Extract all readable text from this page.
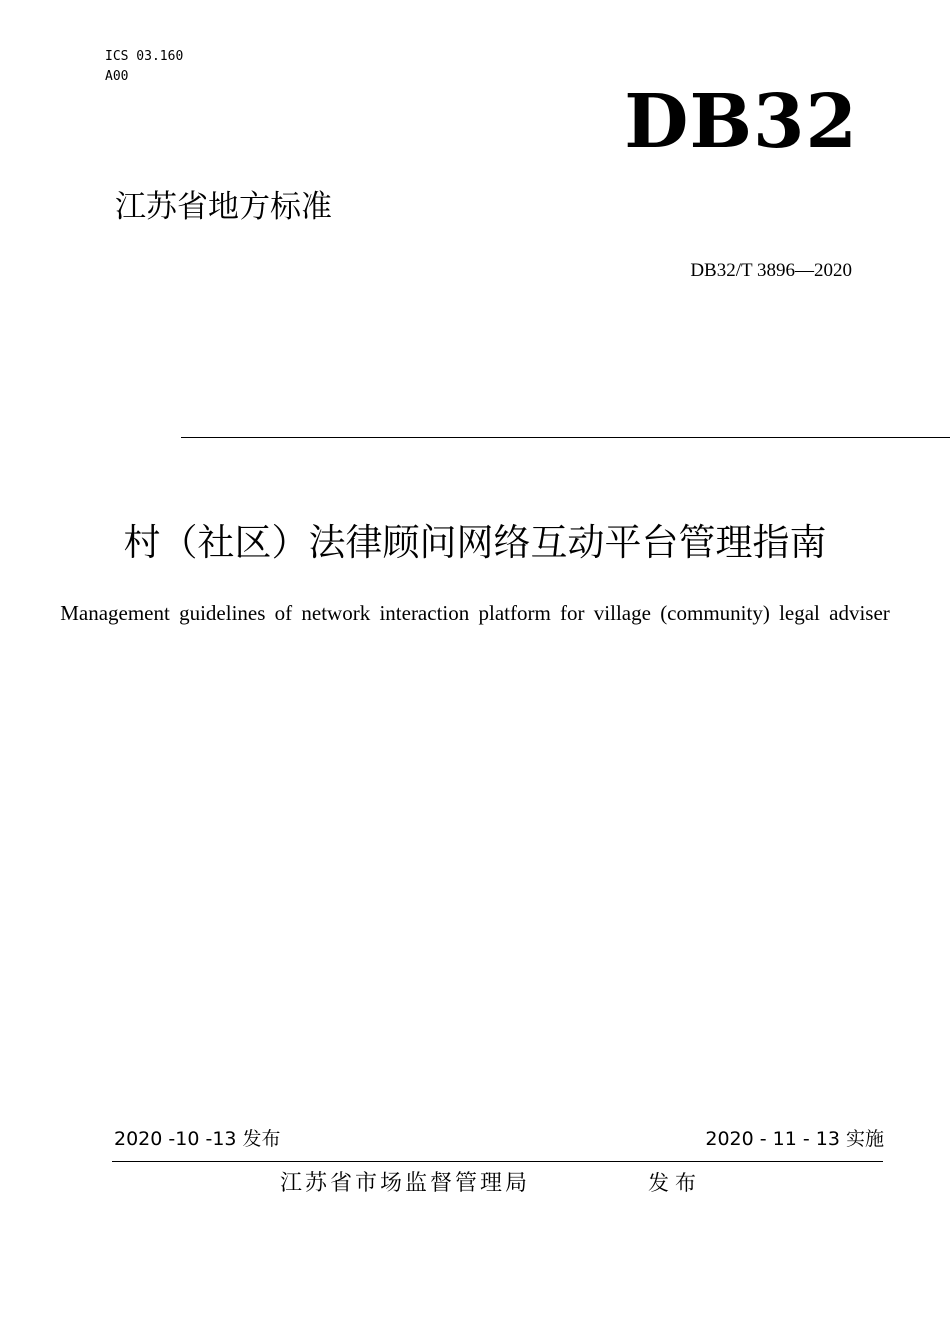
ICS 03.160
A00
DB32
江苏省地方标准
DB32/T 3896—2020
村（社区）法律顾问网络互动平台管理指南
Management guidelines of network interaction platform for village (community) legal adviser
2020 -10 -13 发布	2020 - 11 - 13 实施
江苏省市场监督管理局	发布
